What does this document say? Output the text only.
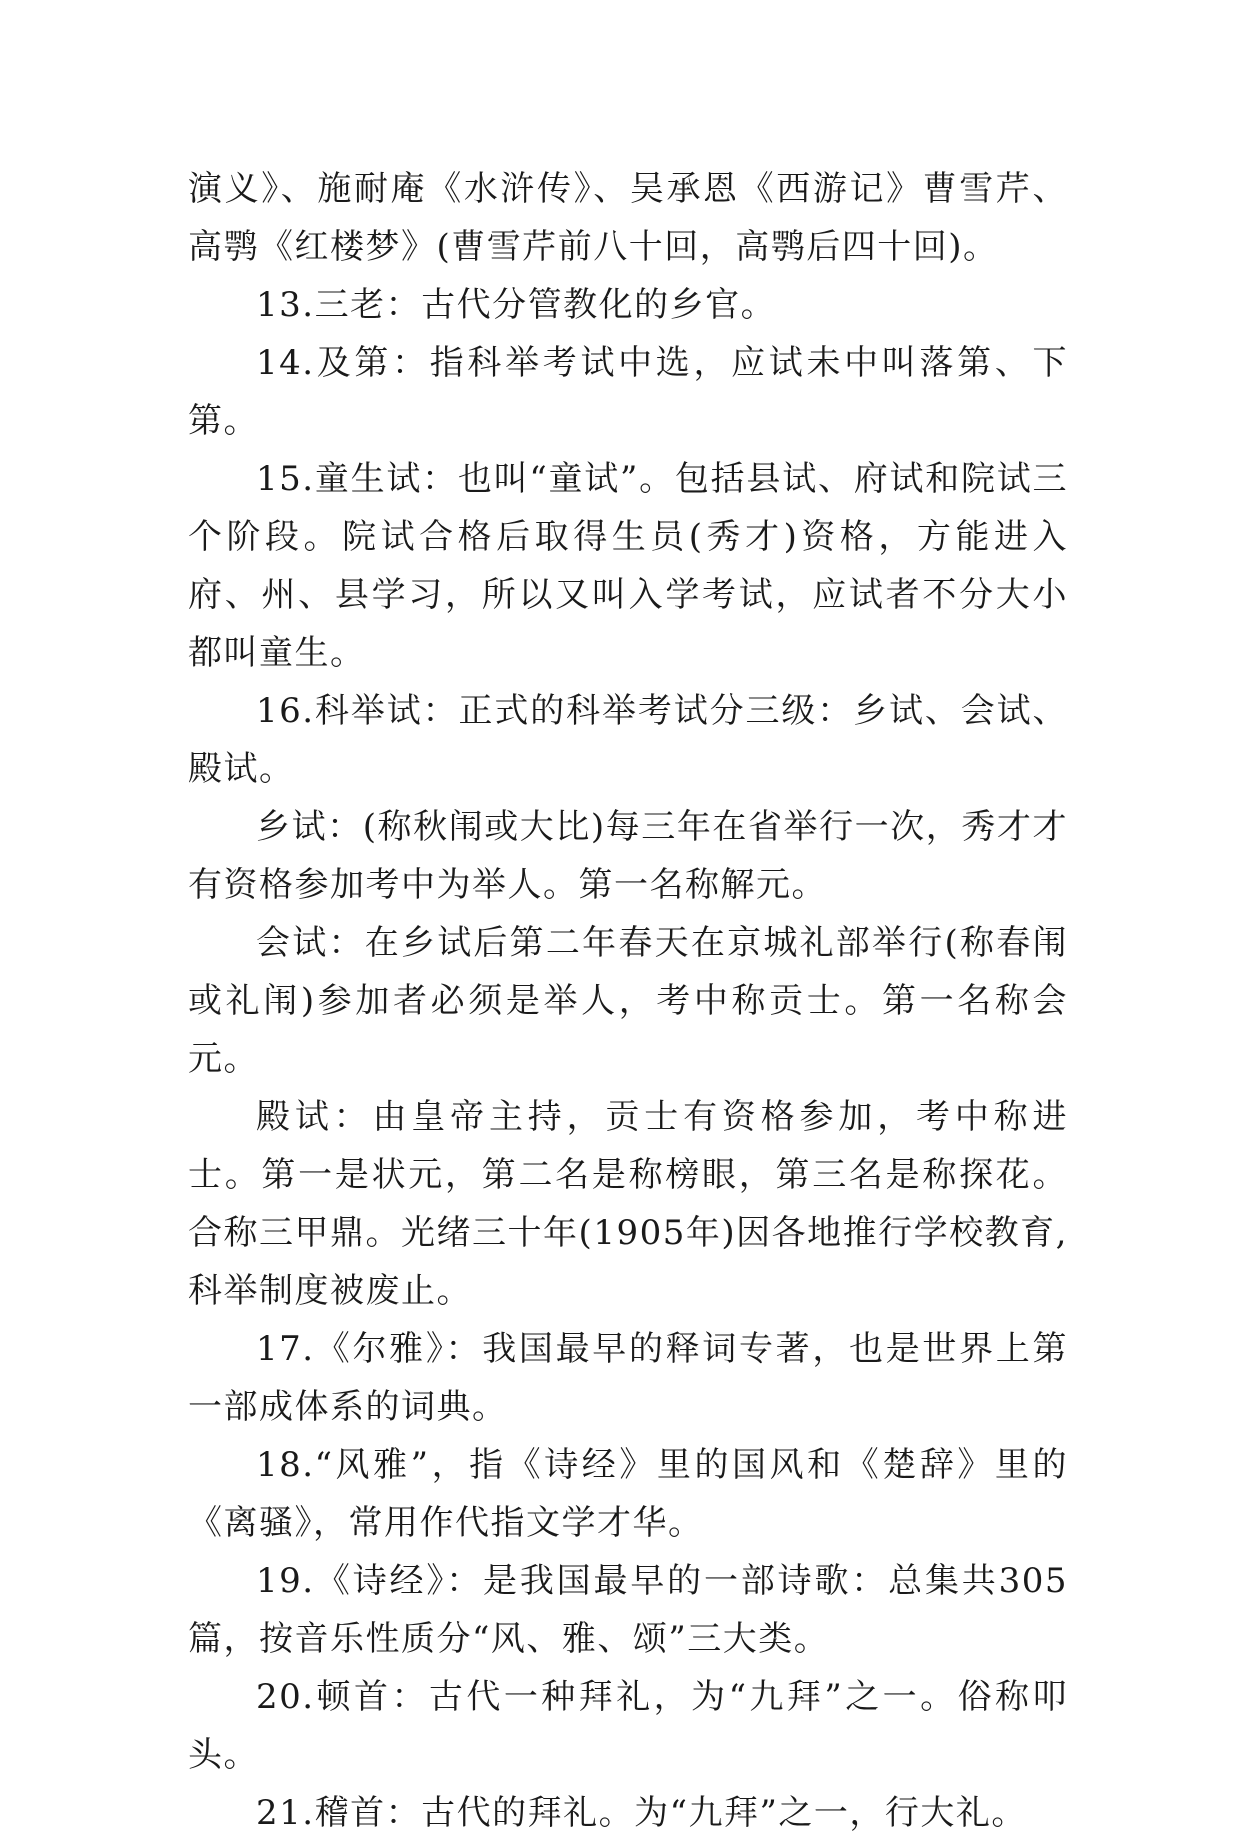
演义》、施耐庵《水浒传》、吴承恩《西游记》曹雪芹、高鹗《红楼梦》(曹雪芹前八十回，高鹗后四十回)。

13.三老：古代分管教化的乡官。

14.及第：指科举考试中选，应试未中叫落第、下第。

15.童生试：也叫“童试”。包括县试、府试和院试三个阶段。院试合格后取得生员(秀才)资格，方能进入府、州、县学习，所以又叫入学考试，应试者不分大小都叫童生。

16.科举试：正式的科举考试分三级：乡试、会试、殿试。

乡试：(称秋闱或大比)每三年在省举行一次，秀才才有资格参加考中为举人。第一名称解元。

会试：在乡试后第二年春天在京城礼部举行(称春闱或礼闱)参加者必须是举人，考中称贡士。第一名称会元。

殿试：由皇帝主持，贡士有资格参加，考中称进士。第一是状元，第二名是称榜眼，第三名是称探花。合称三甲鼎。光绪三十年(1905年)因各地推行学校教育,科举制度被废止。

17.《尔雅》：我国最早的释词专著，也是世界上第一部成体系的词典。

18.“风雅”，指《诗经》里的国风和《楚辞》里的《离骚》，常用作代指文学才华。

19.《诗经》：是我国最早的一部诗歌：总集共305篇，按音乐性质分“风、雅、颂”三大类。

20.顿首：古代一种拜礼，为“九拜”之一。俗称叩头。

21.稽首：古代的拜礼。为“九拜”之一，行大礼。
